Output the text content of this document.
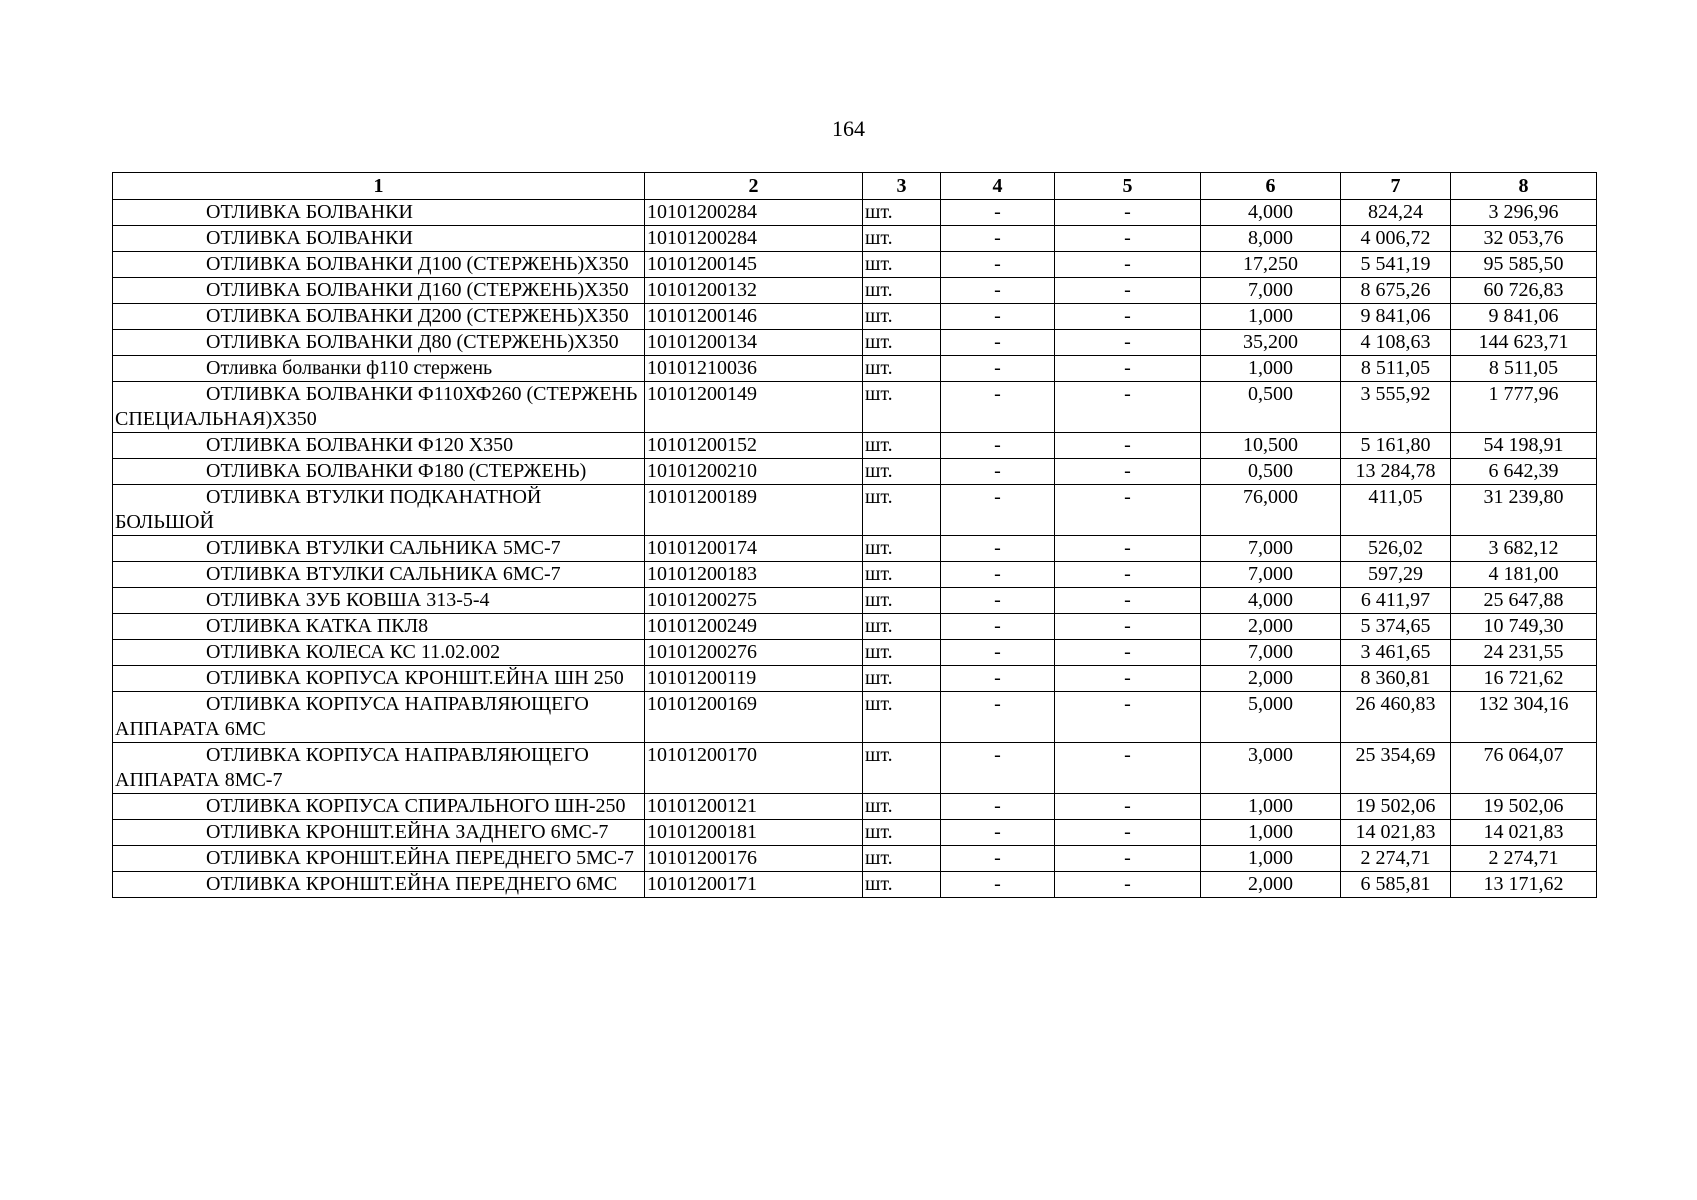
164
1	2	3	4	5	6	7	8
ОТЛИВКА БОЛВАНКИ	10101200284	шт.	-	-	4,000	824,24	3 296,96
ОТЛИВКА БОЛВАНКИ	10101200284	шт.	-	-	8,000	4 006,72	32 053,76
ОТЛИВКА БОЛВАНКИ Д100 (СТЕРЖЕНЬ)Х350	10101200145	шт.	-	-	17,250	5 541,19	95 585,50
ОТЛИВКА БОЛВАНКИ Д160 (СТЕРЖЕНЬ)Х350	10101200132	шт.	-	-	7,000	8 675,26	60 726,83
ОТЛИВКА БОЛВАНКИ Д200 (СТЕРЖЕНЬ)Х350	10101200146	шт.	-	-	1,000	9 841,06	9 841,06
ОТЛИВКА БОЛВАНКИ Д80 (СТЕРЖЕНЬ)Х350	10101200134	шт.	-	-	35,200	4 108,63	144 623,71
Отливка болванки ф110 стержень	10101210036	шт.	-	-	1,000	8 511,05	8 511,05
ОТЛИВКА БОЛВАНКИ Ф110ХФ260 (СТЕРЖЕНЬ СПЕЦИАЛЬНАЯ)Х350	10101200149	шт.	-	-	0,500	3 555,92	1 777,96
ОТЛИВКА БОЛВАНКИ Ф120 Х350	10101200152	шт.	-	-	10,500	5 161,80	54 198,91
ОТЛИВКА БОЛВАНКИ Ф180 (СТЕРЖЕНЬ)	10101200210	шт.	-	-	0,500	13 284,78	6 642,39
ОТЛИВКА ВТУЛКИ ПОДКАНАТНОЙ БОЛЬШОЙ	10101200189	шт.	-	-	76,000	411,05	31 239,80
ОТЛИВКА ВТУЛКИ САЛЬНИКА 5МС-7	10101200174	шт.	-	-	7,000	526,02	3 682,12
ОТЛИВКА ВТУЛКИ САЛЬНИКА 6МС-7	10101200183	шт.	-	-	7,000	597,29	4 181,00
ОТЛИВКА ЗУБ КОВША 313-5-4	10101200275	шт.	-	-	4,000	6 411,97	25 647,88
ОТЛИВКА КАТКА ПКЛ8	10101200249	шт.	-	-	2,000	5 374,65	10 749,30
ОТЛИВКА КОЛЕСА КС 11.02.002	10101200276	шт.	-	-	7,000	3 461,65	24 231,55
ОТЛИВКА КОРПУСА КРОНШТ.ЕЙНА ШН 250	10101200119	шт.	-	-	2,000	8 360,81	16 721,62
ОТЛИВКА КОРПУСА НАПРАВЛЯЮЩЕГО АППАРАТА 6МС	10101200169	шт.	-	-	5,000	26 460,83	132 304,16
ОТЛИВКА КОРПУСА НАПРАВЛЯЮЩЕГО АППАРАТА 8МС-7	10101200170	шт.	-	-	3,000	25 354,69	76 064,07
ОТЛИВКА КОРПУСА СПИРАЛЬНОГО ШН-250	10101200121	шт.	-	-	1,000	19 502,06	19 502,06
ОТЛИВКА КРОНШТ.ЕЙНА ЗАДНЕГО 6МС-7	10101200181	шт.	-	-	1,000	14 021,83	14 021,83
ОТЛИВКА КРОНШТ.ЕЙНА ПЕРЕДНЕГО 5МС-7	10101200176	шт.	-	-	1,000	2 274,71	2 274,71
ОТЛИВКА КРОНШТ.ЕЙНА ПЕРЕДНЕГО 6МС	10101200171	шт.	-	-	2,000	6 585,81	13 171,62
